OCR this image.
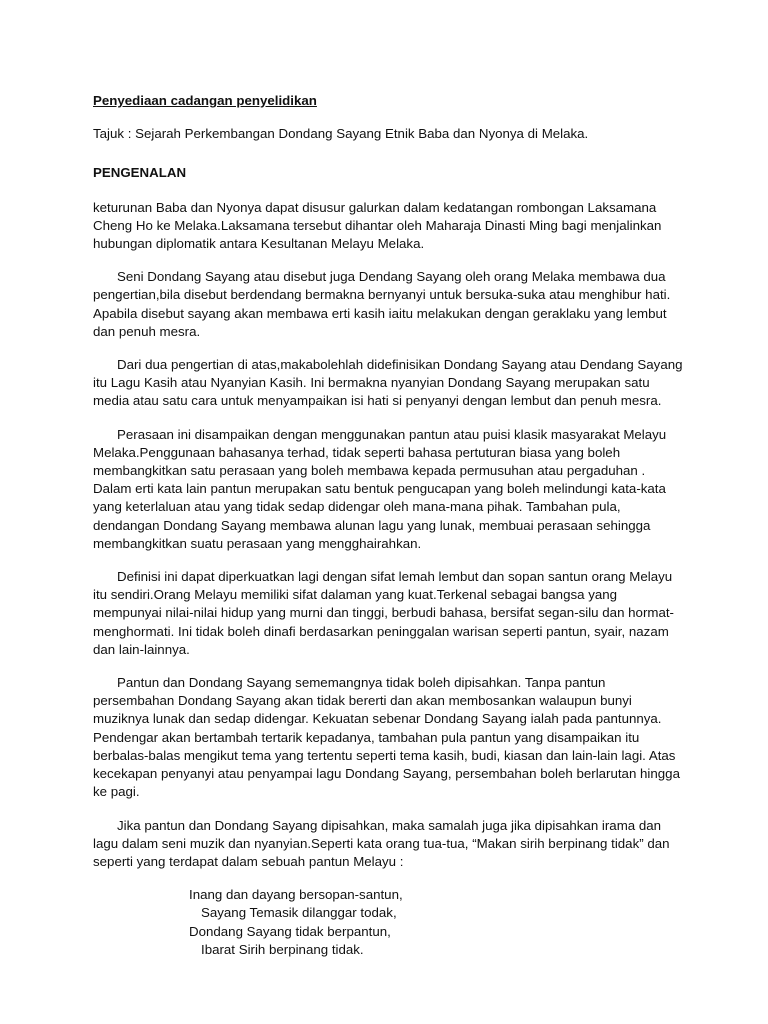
Penyediaan cadangan penyelidikan
Tajuk : Sejarah Perkembangan Dondang Sayang Etnik Baba dan Nyonya di Melaka.
PENGENALAN
keturunan Baba dan Nyonya dapat disusur galurkan dalam kedatangan rombongan Laksamana Cheng Ho ke Melaka.Laksamana tersebut dihantar oleh Maharaja Dinasti Ming bagi menjalinkan hubungan diplomatik antara Kesultanan Melayu Melaka.
Seni Dondang Sayang atau disebut juga Dendang Sayang oleh orang Melaka membawa dua pengertian,bila disebut berdendang bermakna bernyanyi untuk bersuka-suka atau menghibur hati. Apabila disebut sayang akan membawa erti kasih iaitu melakukan dengan geraklaku yang lembut dan penuh mesra.
Dari dua pengertian di atas,makabolehlah didefinisikan Dondang Sayang atau Dendang Sayang itu Lagu Kasih atau Nyanyian Kasih. Ini bermakna nyanyian Dondang Sayang merupakan satu media atau satu cara untuk menyampaikan isi hati si penyanyi dengan lembut dan penuh mesra.
Perasaan ini disampaikan dengan menggunakan pantun atau puisi klasik masyarakat Melayu Melaka.Penggunaan bahasanya terhad, tidak seperti bahasa pertuturan biasa yang boleh membangkitkan satu perasaan yang boleh membawa kepada permusuhan atau pergaduhan . Dalam erti kata lain pantun merupakan satu bentuk pengucapan yang boleh melindungi kata-kata yang keterlaluan atau yang tidak sedap didengar oleh mana-mana pihak. Tambahan pula, dendangan Dondang Sayang membawa alunan lagu yang lunak, membuai perasaan sehingga membangkitkan suatu perasaan yang mengghairahkan.
Definisi ini dapat diperkuatkan lagi dengan sifat lemah lembut dan sopan santun orang Melayu itu sendiri.Orang Melayu memiliki sifat dalaman yang kuat.Terkenal sebagai bangsa yang mempunyai nilai-nilai hidup yang murni dan tinggi, berbudi bahasa, bersifat segan-silu dan hormat-menghormati. Ini tidak boleh dinafi berdasarkan peninggalan warisan seperti pantun, syair, nazam dan lain-lainnya.
Pantun dan Dondang Sayang sememangnya tidak boleh dipisahkan. Tanpa pantun persembahan Dondang Sayang akan tidak bererti dan akan membosankan walaupun bunyi muziknya lunak dan sedap didengar. Kekuatan sebenar Dondang Sayang ialah pada pantunnya. Pendengar akan bertambah tertarik kepadanya, tambahan pula pantun yang disampaikan itu berbalas-balas mengikut tema yang tertentu seperti tema kasih, budi, kiasan dan lain-lain lagi. Atas kecekapan penyanyi atau penyampai lagu Dondang Sayang, persembahan boleh berlarutan hingga ke pagi.
Jika pantun dan Dondang Sayang dipisahkan, maka samalah juga jika dipisahkan irama dan lagu dalam seni muzik dan nyanyian.Seperti kata orang tua-tua, “Makan sirih berpinang tidak” dan seperti yang terdapat dalam sebuah pantun Melayu :
Inang dan dayang bersopan-santun,
Sayang Temasik dilanggar todak,
Dondang Sayang tidak berpantun,
Ibarat Sirih berpinang tidak.
